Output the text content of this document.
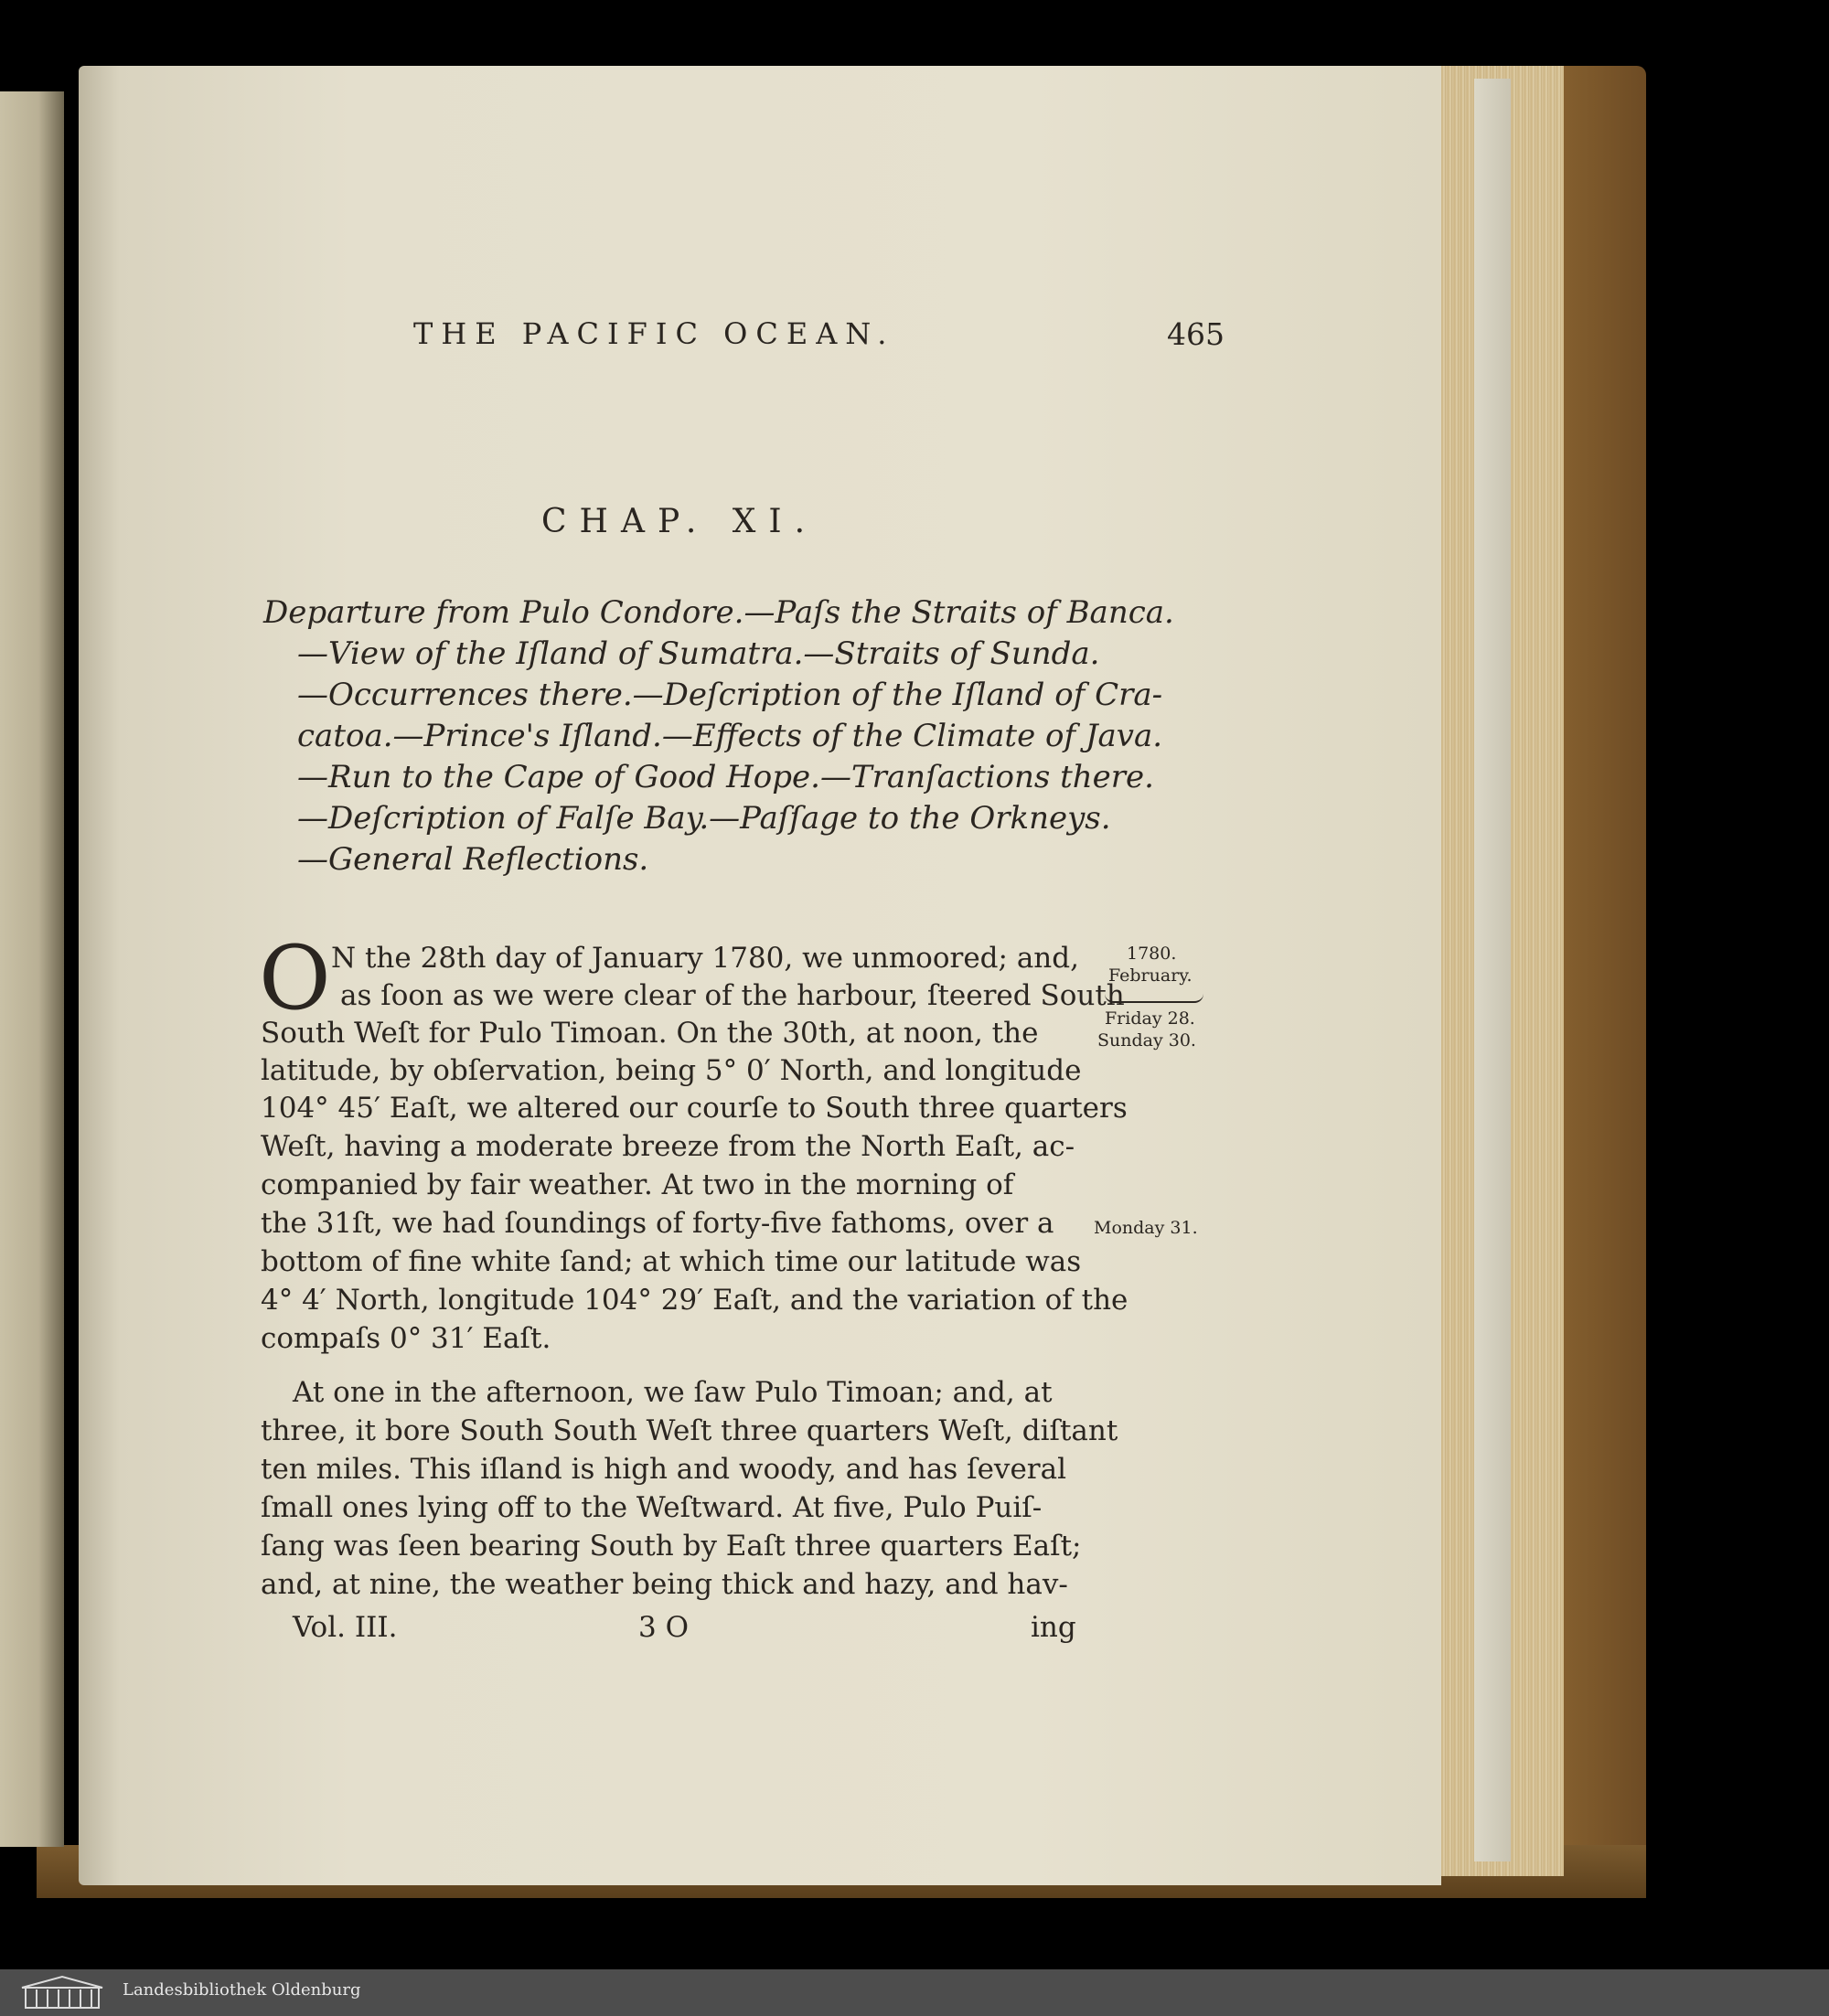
THE PACIFIC OCEAN.	465
CHAP. XI.
Departure from Pulo Condore.—Paſs the Straits of Banca.
—View of the Iſland of Sumatra.—Straits of Sunda.
—Occurrences there.—Deſcription of the Iſland of Cra-
catoa.—Prince's Iſland.—Effects of the Climate of Java.
—Run to the Cape of Good Hope.—Tranſactions there.
—Deſcription of Falſe Bay.—Paſſage to the Orkneys.
—General Reflections.
O N the 28th day of January 1780, we unmoored; and,
as ſoon as we were clear of the harbour, ſteered South
South Weſt for Pulo Timoan. On the 30th, at noon, the
latitude, by obſervation, being 5° 0′ North, and longitude
104° 45′ Eaſt, we altered our courſe to South three quarters
Weſt, having a moderate breeze from the North Eaſt, ac-
companied by fair weather. At two in the morning of
the 31ſt, we had ſoundings of forty-five fathoms, over a
bottom of fine white ſand; at which time our latitude was
4° 4′ North, longitude 104° 29′ Eaſt, and the variation of the
compaſs 0° 31′ Eaſt.
At one in the afternoon, we ſaw Pulo Timoan; and, at
three, it bore South South Weſt three quarters Weſt, diſtant
ten miles. This iſland is high and woody, and has ſeveral
ſmall ones lying off to the Weſtward. At five, Pulo Puiſ-
ſang was ſeen bearing South by Eaſt three quarters Eaſt;
and, at nine, the weather being thick and hazy, and hav-
Vol. III.	3 O	ing
1780.
February.
Friday 28.
Sunday 30.
Monday 31.
Landesbibliothek Oldenburg
